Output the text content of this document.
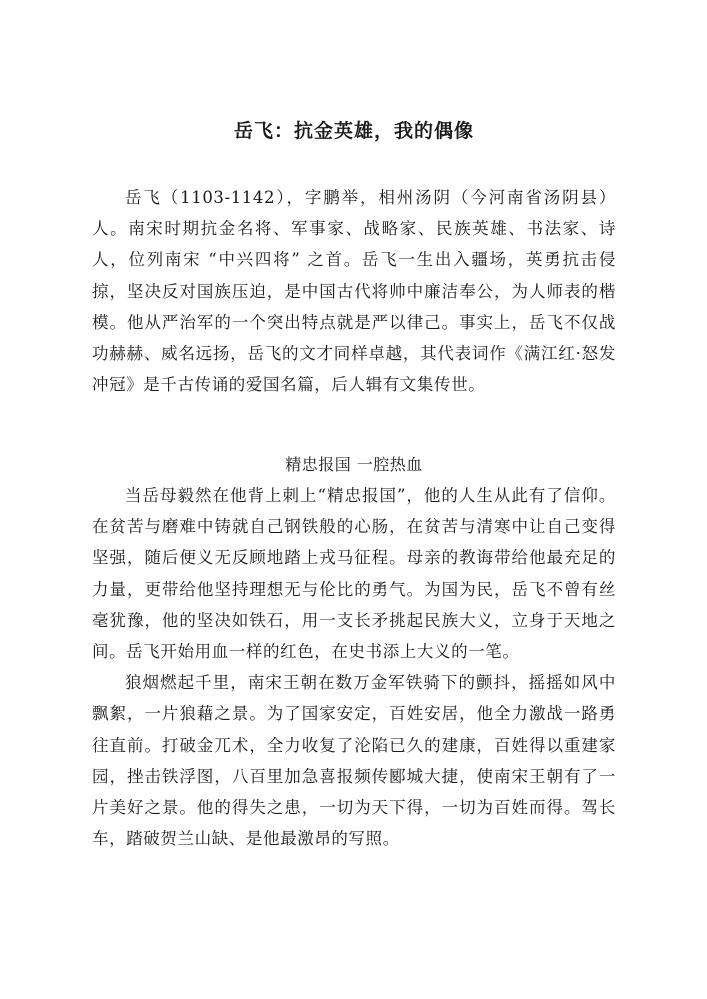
岳飞：抗金英雄，我的偶像

岳飞（1103-1142），字鹏举，相州汤阴（今河南省汤阴县）人。南宋时期抗金名将、军事家、战略家、民族英雄、书法家、诗人，位列南宋 “中兴四将” 之首。岳飞一生出入疆场，英勇抗击侵掠，坚决反对国族压迫，是中国古代将帅中廉洁奉公，为人师表的楷模。他从严治军的一个突出特点就是严以律己。事实上，岳飞不仅战功赫赫、威名远扬，岳飞的文才同样卓越，其代表词作《满江红·怒发冲冠》是千古传诵的爱国名篇，后人辑有文集传世。

精忠报国 一腔热血

当岳母毅然在他背上刺上“精忠报国”，他的人生从此有了信仰。在贫苦与磨难中铸就自己钢铁般的心肠，在贫苦与清寒中让自己变得坚强，随后便义无反顾地踏上戎马征程。母亲的教诲带给他最充足的力量，更带给他坚持理想无与伦比的勇气。为国为民，岳飞不曾有丝毫犹豫，他的坚决如铁石，用一支长矛挑起民族大义，立身于天地之间。岳飞开始用血一样的红色，在史书添上大义的一笔。

狼烟燃起千里，南宋王朝在数万金军铁骑下的颤抖，摇摇如风中飘絮，一片狼藉之景。为了国家安定，百姓安居，他全力激战一路勇往直前。打破金兀术，全力收复了沦陷已久的建康，百姓得以重建家园，挫击铁浮图，八百里加急喜报频传郾城大捷，使南宋王朝有了一片美好之景。他的得失之患，一切为天下得，一切为百姓而得。驾长车，踏破贺兰山缺、是他最激昂的写照。
